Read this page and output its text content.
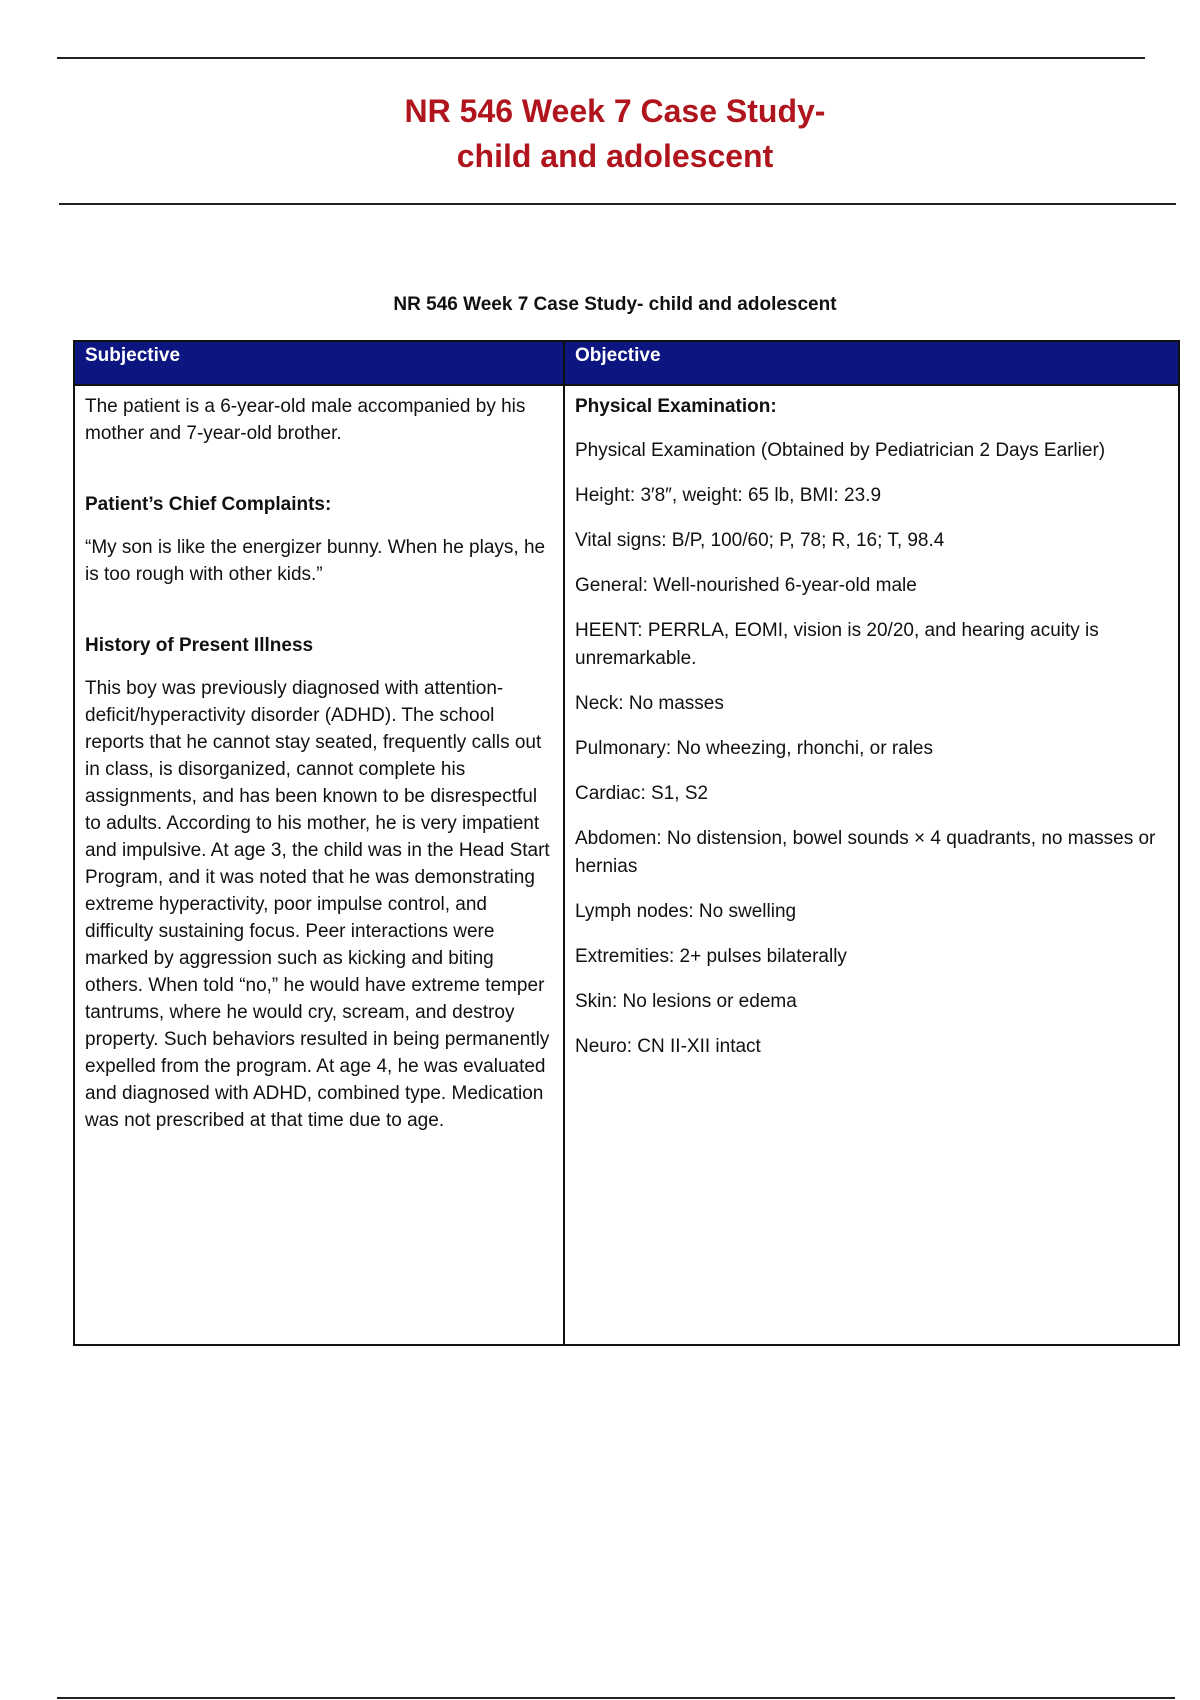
NR 546 Week 7 Case Study-
child and adolescent
NR 546 Week 7 Case Study- child and adolescent
Subjective

The patient is a 6-year-old male accompanied by his mother and 7-year-old brother.

Patient’s Chief Complaints:

“My son is like the energizer bunny. When he plays, he is too rough with other kids.”

History of Present Illness

This boy was previously diagnosed with attention-deficit/hyperactivity disorder (ADHD). The school reports that he cannot stay seated, frequently calls out in class, is disorganized, cannot complete his assignments, and has been known to be disrespectful to adults. According to his mother, he is very impatient and impulsive. At age 3, the child was in the Head Start Program, and it was noted that he was demonstrating extreme hyperactivity, poor impulse control, and difficulty sustaining focus. Peer interactions were marked by aggression such as kicking and biting others. When told “no,” he would have extreme temper tantrums, where he would cry, scream, and destroy property. Such behaviors resulted in being permanently expelled from the program. At age 4, he was evaluated and diagnosed with ADHD, combined type. Medication was not prescribed at that time due to age.

Objective

Physical Examination:

Physical Examination (Obtained by Pediatrician 2 Days Earlier)

Height: 3′8″, weight: 65 lb, BMI: 23.9

Vital signs: B/P, 100/60; P, 78; R, 16; T, 98.4

General: Well-nourished 6-year-old male

HEENT: PERRLA, EOMI, vision is 20/20, and hearing acuity is unremarkable.

Neck: No masses

Pulmonary: No wheezing, rhonchi, or rales

Cardiac: S1, S2

Abdomen: No distension, bowel sounds × 4 quadrants, no masses or hernias

Lymph nodes: No swelling

Extremities: 2+ pulses bilaterally

Skin: No lesions or edema

Neuro: CN II-XII intact
